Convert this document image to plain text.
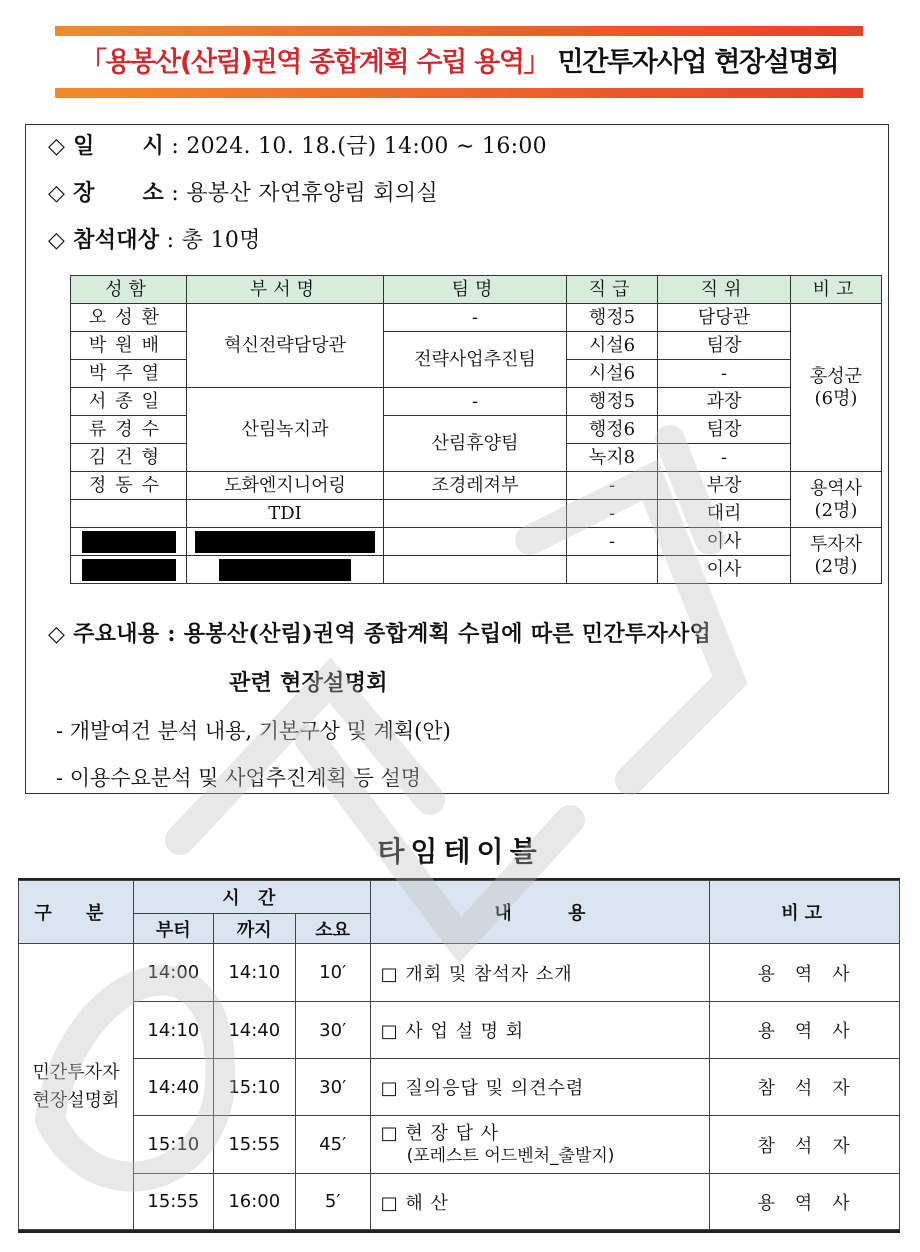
「용봉산(산림)권역 종합계획 수립 용역」 민간투자사업 현장설명회
◇ 일      시 : 2024. 10. 18.(금) 14:00 ∼ 16:00
◇ 장      소 : 용봉산 자연휴양림 회의실
◇ 참석대상 : 총 10명
성함	부서명	팀명	직급	직위	비고
오성환	혁신전략담당관	-	행정5	담당관	홍성군
(6명)

박원배		전략사업추진팀	시설6	팀장	
박주열			시설6	-	
서종일	산림녹지과	-	행정5	과장	
류경수		산림휴양팀	행정6	팀장	
김건형			녹지8	-	
정동수	도화엔지니어링	조경레져부	-	부장	용역사
(2명)

	TDI		-	대리	
			-	이사	투자자
(2명)

				이사	
◇ 주요내용 : 용봉산(산림)권역 종합계획 수립에 따른 민간투자사업
관련 현장설명회
- 개발여건 분석 내용, 기본구상 및 계획(안)
- 이용수요분석 및 사업추진계획 등 설명
타임테이블
구 분	시 간			내         용	비고
	부터	까지	소요		

민간투자자
현장설명회	14:00	14:10	10′	□ 개회 및 참석자 소개	용역사
	14:10	14:40	30′	□ 사 업 설 명 회	용역사
	14:40	15:10	30′	□ 질의응답 및 의견수렴	참석자
	15:10	15:55	45′	□ 현 장 답 사
(포레스트 어드벤처_출발지)	참석자
	15:55	16:00	5′	□ 해 산	용역사
